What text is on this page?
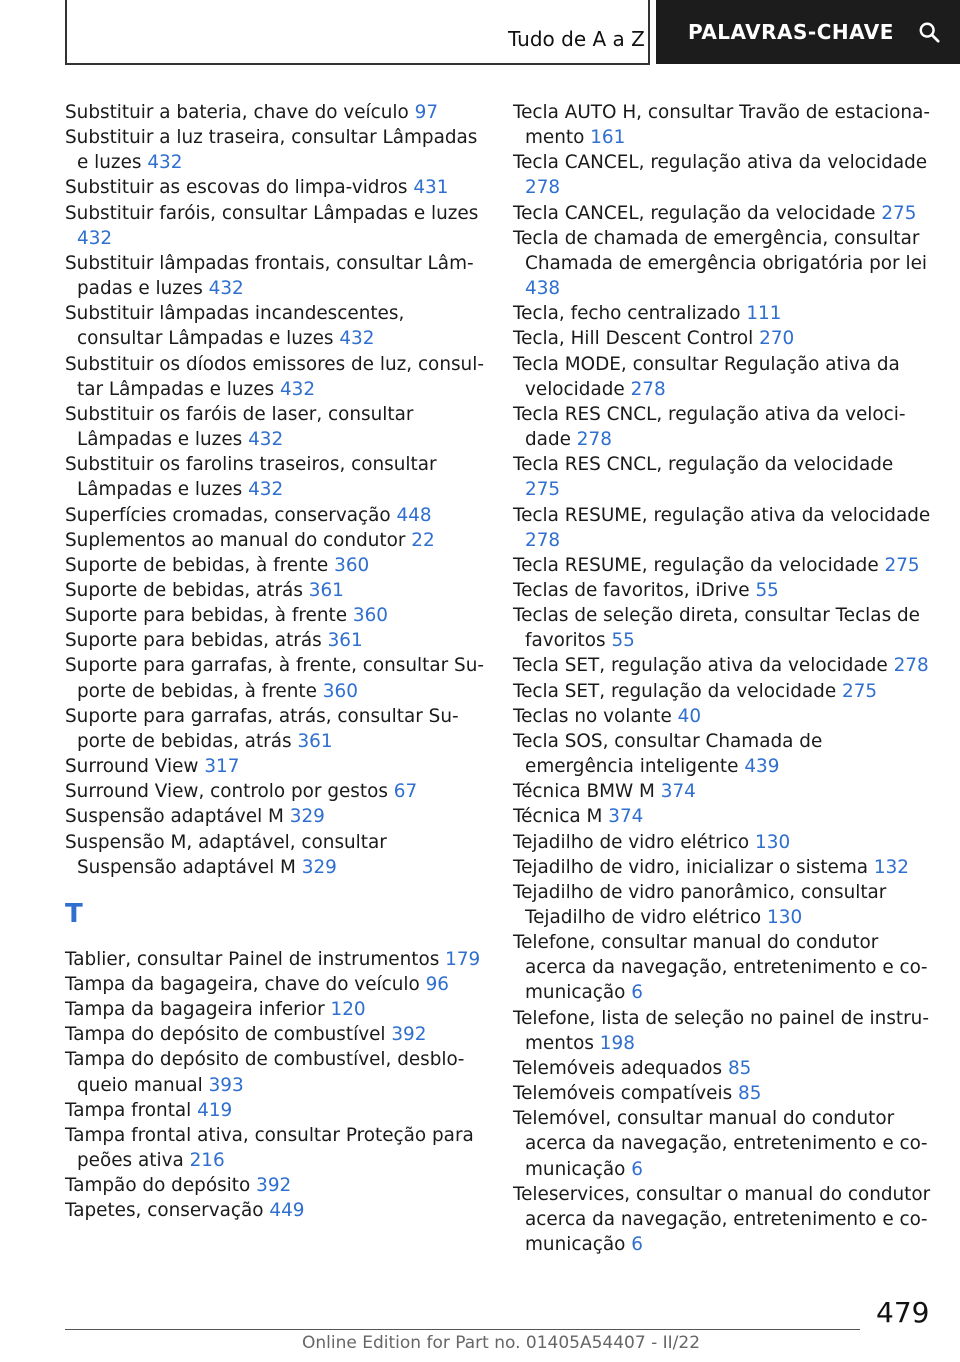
Tudo de A a Z PALAVRAS-CHAVE

Substituir a bateria, chave do veículo 97

Substituir a luz traseira, consultar Lâmpadas e luzes 432

Substituir as escovas do limpa-vidros 431

Substituir faróis, consultar Lâmpadas e luzes 432

Substituir lâmpadas frontais, consultar Lâmpadas e luzes 432

Substituir lâmpadas incandescentes, consultar Lâmpadas e luzes 432

Substituir os díodos emissores de luz, consultar Lâmpadas e luzes 432

Substituir os faróis de laser, consultar Lâmpadas e luzes 432

Substituir os farolins traseiros, consultar Lâmpadas e luzes 432

Superfícies cromadas, conservação 448

Suplementos ao manual do condutor 22

Suporte de bebidas, à frente 360

Suporte de bebidas, atrás 361

Suporte para bebidas, à frente 360

Suporte para bebidas, atrás 361

Suporte para garrafas, à frente, consultar Suporte de bebidas, à frente 360

Suporte para garrafas, atrás, consultar Suporte de bebidas, atrás 361

Surround View 317

Surround View, controlo por gestos 67

Suspensão adaptável M 329

Suspensão M, adaptável, consultar Suspensão adaptável M 329

T

Tablier, consultar Painel de instrumentos 179

Tampa da bagageira, chave do veículo 96

Tampa da bagageira inferior 120

Tampa do depósito de combustível 392

Tampa do depósito de combustível, desbloqueio manual 393

Tampa frontal 419

Tampa frontal ativa, consultar Proteção para peões ativa 216

Tampão do depósito 392

Tapetes, conservação 449

Tecla AUTO H, consultar Travão de estacionamento 161

Tecla CANCEL, regulação ativa da velocidade 278

Tecla CANCEL, regulação da velocidade 275

Tecla de chamada de emergência, consultar Chamada de emergência obrigatória por lei 438

Tecla, fecho centralizado 111

Tecla, Hill Descent Control 270

Tecla MODE, consultar Regulação ativa da velocidade 278

Tecla RES CNCL, regulação ativa da velocidade 278

Tecla RES CNCL, regulação da velocidade 275

Tecla RESUME, regulação ativa da velocidade 278

Tecla RESUME, regulação da velocidade 275

Teclas de favoritos, iDrive 55

Teclas de seleção direta, consultar Teclas de favoritos 55

Tecla SET, regulação ativa da velocidade 278

Tecla SET, regulação da velocidade 275

Teclas no volante 40

Tecla SOS, consultar Chamada de emergência inteligente 439

Técnica BMW M 374

Técnica M 374

Tejadilho de vidro elétrico 130

Tejadilho de vidro, inicializar o sistema 132

Tejadilho de vidro panorâmico, consultar Tejadilho de vidro elétrico 130

Telefone, consultar manual do condutor acerca da navegação, entretenimento e comunicação 6

Telefone, lista de seleção no painel de instrumentos 198

Telemóveis adequados 85

Telemóveis compatíveis 85

Telemóvel, consultar manual do condutor acerca da navegação, entretenimento e comunicação 6

Teleservices, consultar o manual do condutor acerca da navegação, entretenimento e comunicação 6

479
Online Edition for Part no. 01405A54407 - II/22
